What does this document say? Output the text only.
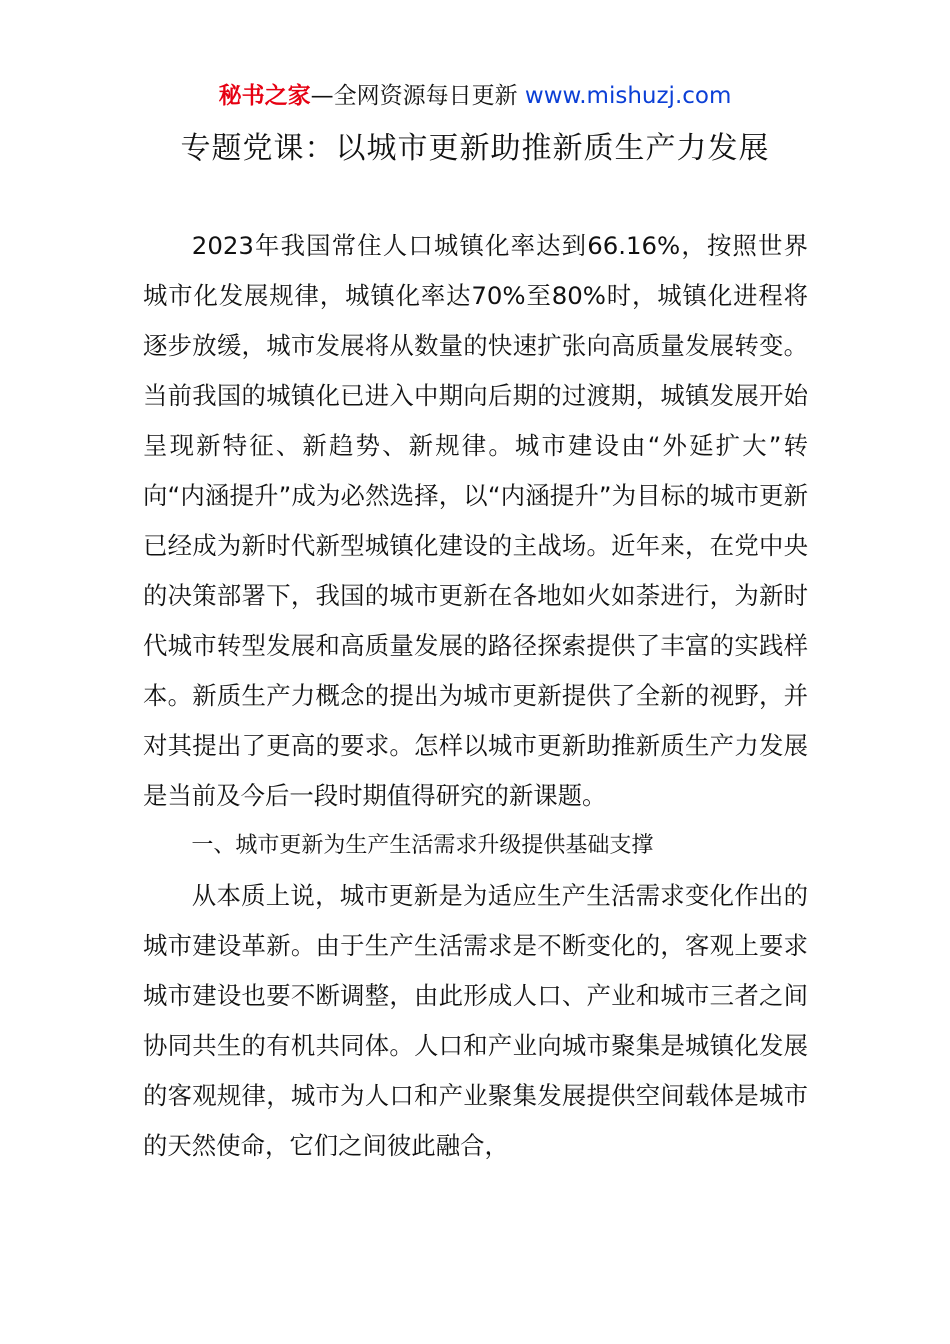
秘书之家—全网资源每日更新 www.mishuzj.com
专题党课：以城市更新助推新质生产力发展

2023年我国常住人口城镇化率达到66.16%，按照世界城市化发展规律，城镇化率达70%至80%时，城镇化进程将逐步放缓，城市发展将从数量的快速扩张向高质量发展转变。当前我国的城镇化已进入中期向后期的过渡期，城镇发展开始呈现新特征、新趋势、新规律。城市建设由“外延扩大”转向“内涵提升”成为必然选择，以“内涵提升”为目标的城市更新已经成为新时代新型城镇化建设的主战场。近年来，在党中央的决策部署下，我国的城市更新在各地如火如荼进行，为新时代城市转型发展和高质量发展的路径探索提供了丰富的实践样本。新质生产力概念的提出为城市更新提供了全新的视野，并对其提出了更高的要求。怎样以城市更新助推新质生产力发展是当前及今后一段时期值得研究的新课题。

一、城市更新为生产生活需求升级提供基础支撑

从本质上说，城市更新是为适应生产生活需求变化作出的城市建设革新。由于生产生活需求是不断变化的，客观上要求城市建设也要不断调整，由此形成人口、产业和城市三者之间协同共生的有机共同体。人口和产业向城市聚集是城镇化发展的客观规律，城市为人口和产业聚集发展提供空间载体是城市的天然使命，它们之间彼此融合，
